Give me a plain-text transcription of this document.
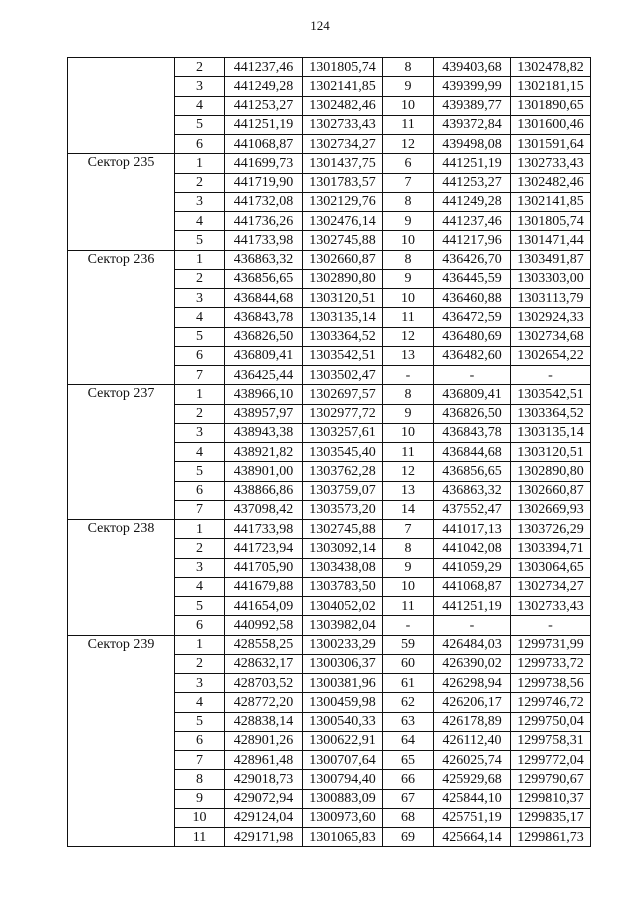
124
	2	441237,46	1301805,74	8	439403,68	1302478,82
	3	441249,28	1302141,85	9	439399,99	1302181,15
	4	441253,27	1302482,46	10	439389,77	1301890,65
	5	441251,19	1302733,43	11	439372,84	1301600,46
	6	441068,87	1302734,27	12	439498,08	1301591,64
Сектор 235	1	441699,73	1301437,75	6	441251,19	1302733,43
	2	441719,90	1301783,57	7	441253,27	1302482,46
	3	441732,08	1302129,76	8	441249,28	1302141,85
	4	441736,26	1302476,14	9	441237,46	1301805,74
	5	441733,98	1302745,88	10	441217,96	1301471,44
Сектор 236	1	436863,32	1302660,87	8	436426,70	1303491,87
	2	436856,65	1302890,80	9	436445,59	1303303,00
	3	436844,68	1303120,51	10	436460,88	1303113,79
	4	436843,78	1303135,14	11	436472,59	1302924,33
	5	436826,50	1303364,52	12	436480,69	1302734,68
	6	436809,41	1303542,51	13	436482,60	1302654,22
	7	436425,44	1303502,47	-	-	-
Сектор 237	1	438966,10	1302697,57	8	436809,41	1303542,51
	2	438957,97	1302977,72	9	436826,50	1303364,52
	3	438943,38	1303257,61	10	436843,78	1303135,14
	4	438921,82	1303545,40	11	436844,68	1303120,51
	5	438901,00	1303762,28	12	436856,65	1302890,80
	6	438866,86	1303759,07	13	436863,32	1302660,87
	7	437098,42	1303573,20	14	437552,47	1302669,93
Сектор 238	1	441733,98	1302745,88	7	441017,13	1303726,29
	2	441723,94	1303092,14	8	441042,08	1303394,71
	3	441705,90	1303438,08	9	441059,29	1303064,65
	4	441679,88	1303783,50	10	441068,87	1302734,27
	5	441654,09	1304052,02	11	441251,19	1302733,43
	6	440992,58	1303982,04	-	-	-
Сектор 239	1	428558,25	1300233,29	59	426484,03	1299731,99
	2	428632,17	1300306,37	60	426390,02	1299733,72
	3	428703,52	1300381,96	61	426298,94	1299738,56
	4	428772,20	1300459,98	62	426206,17	1299746,72
	5	428838,14	1300540,33	63	426178,89	1299750,04
	6	428901,26	1300622,91	64	426112,40	1299758,31
	7	428961,48	1300707,64	65	426025,74	1299772,04
	8	429018,73	1300794,40	66	425929,68	1299790,67
	9	429072,94	1300883,09	67	425844,10	1299810,37
	10	429124,04	1300973,60	68	425751,19	1299835,17
	11	429171,98	1301065,83	69	425664,14	1299861,73
